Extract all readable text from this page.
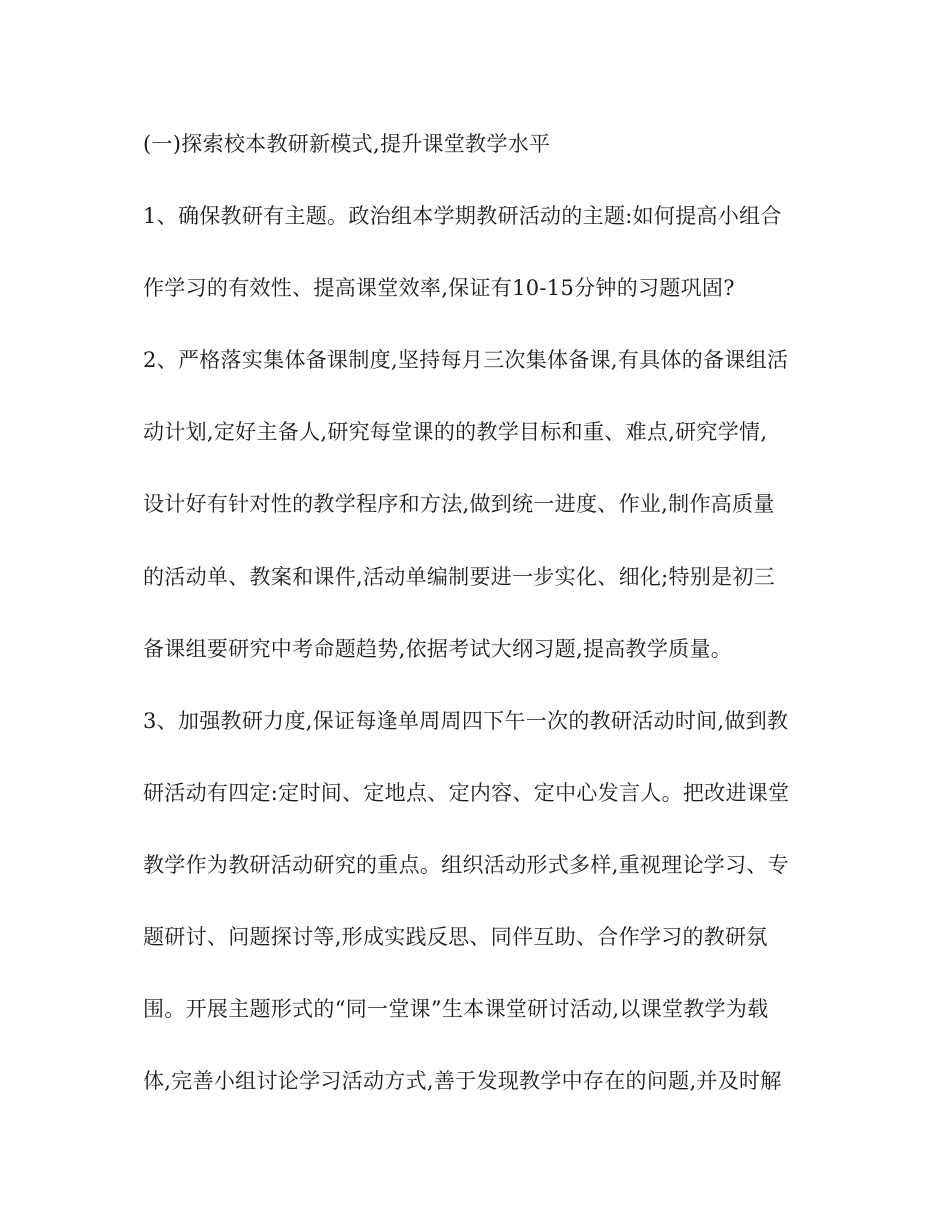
(一)探索校本教研新模式,提升课堂教学水平
1、确保教研有主题。政治组本学期教研活动的主题:如何提高小组合
作学习的有效性、提高课堂效率,保证有10-15分钟的习题巩固?
2、严格落实集体备课制度,坚持每月三次集体备课,有具体的备课组活
动计划,定好主备人,研究每堂课的的教学目标和重、难点,研究学情,
设计好有针对性的教学程序和方法,做到统一进度、作业,制作高质量
的活动单、教案和课件,活动单编制要进一步实化、细化;特别是初三
备课组要研究中考命题趋势,依据考试大纲习题,提高教学质量。
3、加强教研力度,保证每逢单周周四下午一次的教研活动时间,做到教
研活动有四定:定时间、定地点、定内容、定中心发言人。把改进课堂
教学作为教研活动研究的重点。组织活动形式多样,重视理论学习、专
题研讨、问题探讨等,形成实践反思、同伴互助、合作学习的教研氛
围。开展主题形式的“同一堂课”生本课堂研讨活动,以课堂教学为载
体,完善小组讨论学习活动方式,善于发现教学中存在的问题,并及时解
